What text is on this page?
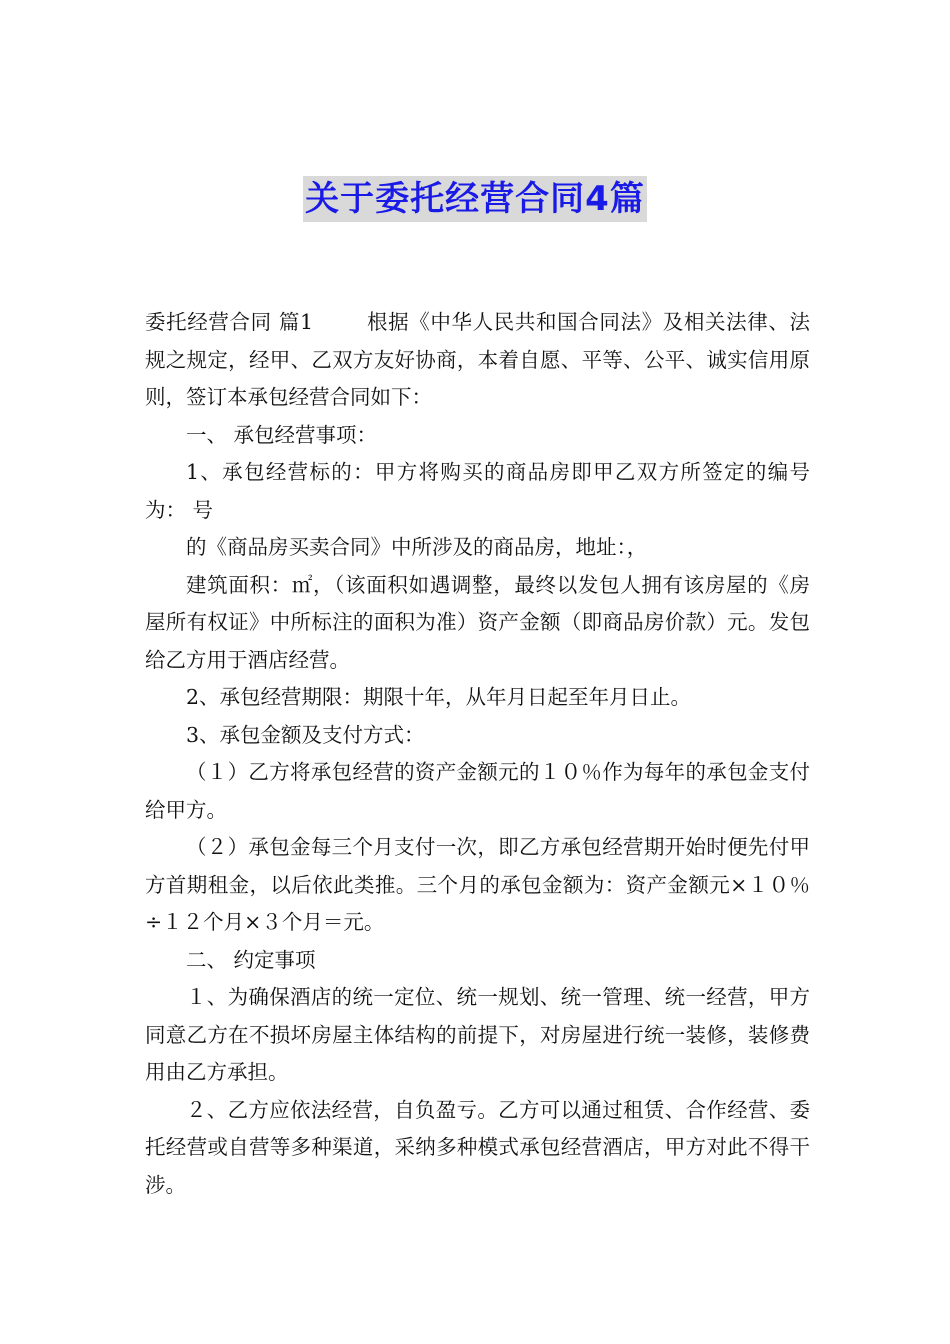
关于委托经营合同4篇

委托经营合同 篇1	根据《中华人民共和国合同法》及相关法律、法规之规定，经甲、乙双方友好协商，本着自愿、平等、公平、诚实信用原则，签订本承包经营合同如下：

一、 承包经营事项：

1、承包经营标的：甲方将购买的商品房即甲乙双方所签定的编号为： 号

的《商品房买卖合同》中所涉及的商品房，地址：，

建筑面积：㎡，（该面积如遇调整，最终以发包人拥有该房屋的《房屋所有权证》中所标注的面积为准）资产金额（即商品房价款）元。发包给乙方用于酒店经营。

2、承包经营期限：期限十年，从年月日起至年月日止。

3、承包金额及支付方式：

（１）乙方将承包经营的资产金额元的１０％作为每年的承包金支付给甲方。

（２）承包金每三个月支付一次，即乙方承包经营期开始时便先付甲方首期租金，以后依此类推。三个月的承包金额为：资产金额元×１０％÷１２个月×３个月＝元。

二、 约定事项

１、为确保酒店的统一定位、统一规划、统一管理、统一经营，甲方同意乙方在不损坏房屋主体结构的前提下，对房屋进行统一装修，装修费用由乙方承担。

２、乙方应依法经营，自负盈亏。乙方可以通过租赁、合作经营、委托经营或自营等多种渠道，采纳多种模式承包经营酒店，甲方对此不得干涉。
